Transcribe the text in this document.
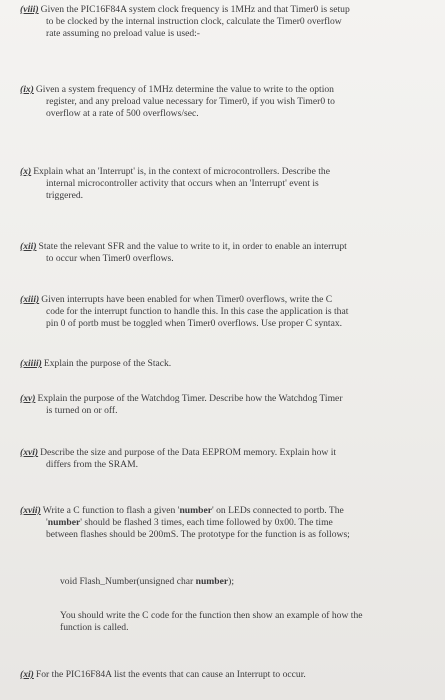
(viii) Given the PIC16F84A system clock frequency is 1MHz and that Timer0 is setup
to be clocked by the internal instruction clock, calculate the Timer0 overflow
rate assuming no preload value is used:-
(ix) Given a system frequency of 1MHz determine the value to write to the option
register, and any preload value necessary for Timer0, if you wish Timer0 to
overflow at a rate of 500 overflows/sec.
(x) Explain what an 'Interrupt' is, in the context of microcontrollers. Describe the
internal microcontroller activity that occurs when an 'Interrupt' event is
triggered.
(xii) State the relevant SFR and the value to write to it, in order to enable an interrupt
to occur when Timer0 overflows.
(xiii) Given interrupts have been enabled for when Timer0 overflows, write the C
code for the interrupt function to handle this. In this case the application is that
pin 0 of portb must be toggled when Timer0 overflows. Use proper C syntax.
(xiiii) Explain the purpose of the Stack.
(xv) Explain the purpose of the Watchdog Timer. Describe how the Watchdog Timer
is turned on or off.
(xvi) Describe the size and purpose of the Data EEPROM memory. Explain how it
differs from the SRAM.
(xvii) Write a C function to flash a given 'number' on LEDs connected to portb. The
'number' should be flashed 3 times, each time followed by 0x00. The time
between flashes should be 200mS. The prototype for the function is as follows;
void Flash_Number(unsigned char number);
You should write the C code for the function then show an example of how the
function is called.
(xi) For the PIC16F84A list the events that can cause an Interrupt to occur.
